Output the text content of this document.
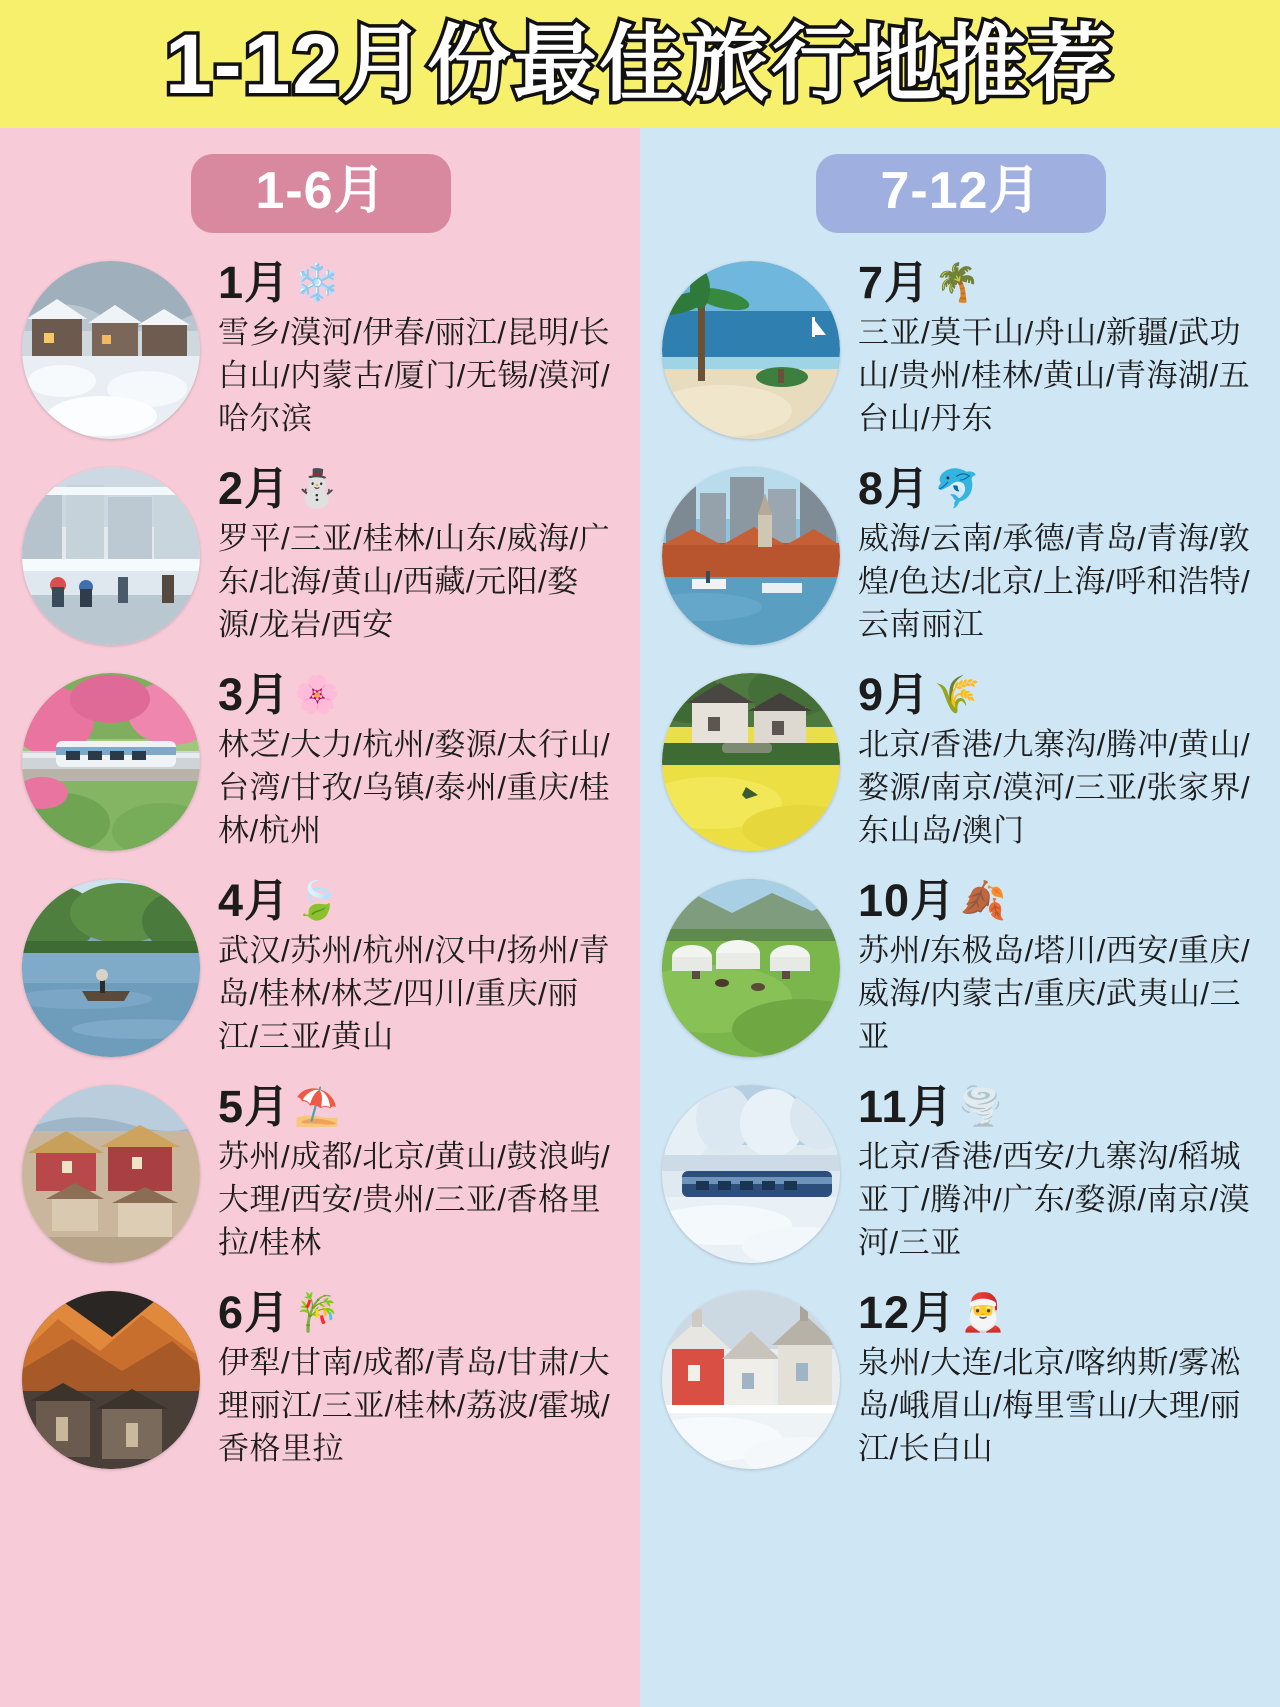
1-12月份最佳旅行地推荐
1-6月
1月 ❄️
雪乡/漠河/伊春/丽江/昆明/长白山/内蒙古/厦门/无锡/漠河/哈尔滨
2月 ⛄
罗平/三亚/桂林/山东/威海/广东/北海/黄山/西藏/元阳/婺源/龙岩/西安
3月 🌸
林芝/大力/杭州/婺源/太行山/台湾/甘孜/乌镇/泰州/重庆/桂林/杭州
4月 🍃
武汉/苏州/杭州/汉中/扬州/青岛/桂林/林芝/四川/重庆/丽江/三亚/黄山
5月 ⛱️
苏州/成都/北京/黄山/鼓浪屿/大理/西安/贵州/三亚/香格里拉/桂林
6月 🎋
伊犁/甘南/成都/青岛/甘肃/大理丽江/三亚/桂林/荔波/霍城/香格里拉
7-12月
7月 🌴
三亚/莫干山/舟山/新疆/武功山/贵州/桂林/黄山/青海湖/五台山/丹东
8月 🐬
威海/云南/承德/青岛/青海/敦煌/色达/北京/上海/呼和浩特/云南丽江
9月 🌾
北京/香港/九寨沟/腾冲/黄山/婺源/南京/漠河/三亚/张家界/东山岛/澳门
10月 🍂
苏州/东极岛/塔川/西安/重庆/威海/内蒙古/重庆/武夷山/三亚
11月 🌪️
北京/香港/西安/九寨沟/稻城亚丁/腾冲/广东/婺源/南京/漠河/三亚
12月 🎅
泉州/大连/北京/喀纳斯/雾凇岛/峨眉山/梅里雪山/大理/丽江/长白山
